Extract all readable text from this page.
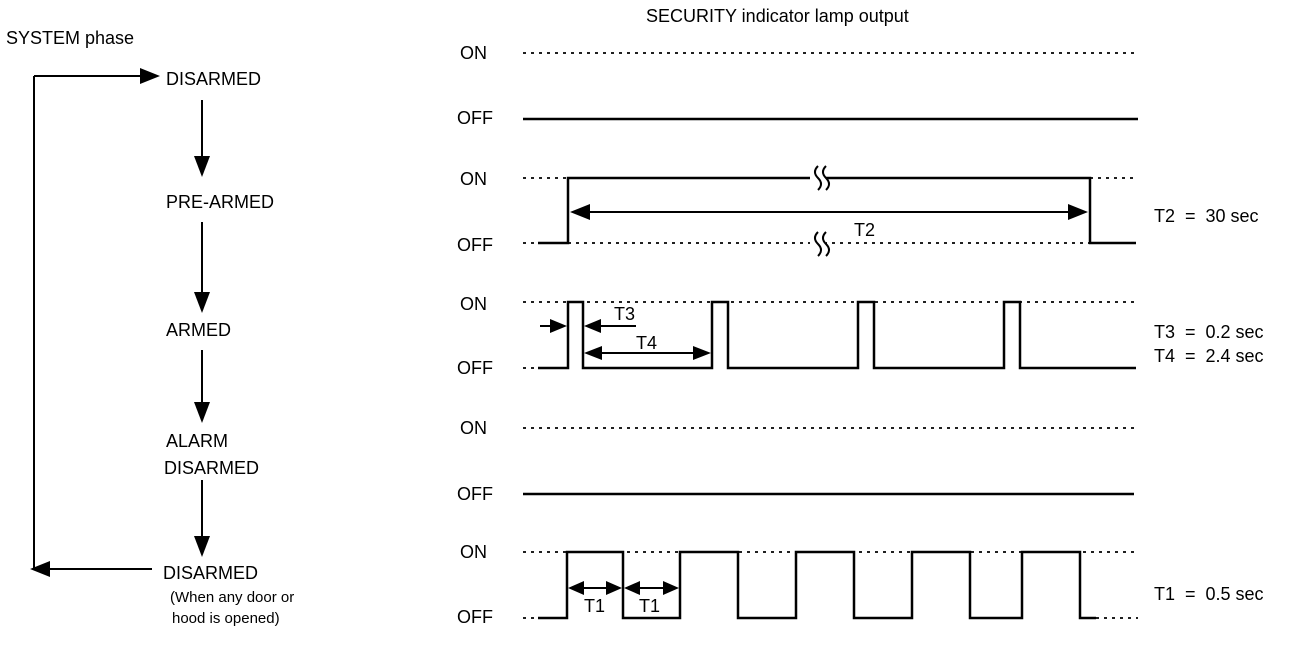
SYSTEM phase
SECURITY indicator lamp output
DISARMED
PRE-ARMED
ARMED
ALARM
DISARMED
DISARMED
(When any door or
hood is opened)
ON
OFF
ON
OFF
ON
OFF
ON
OFF
ON
OFF
T2
T3
T4
T1 T1
T2  =  30 sec
T3  =  0.2 sec
T4  =  2.4 sec
T1  =  0.5 sec
